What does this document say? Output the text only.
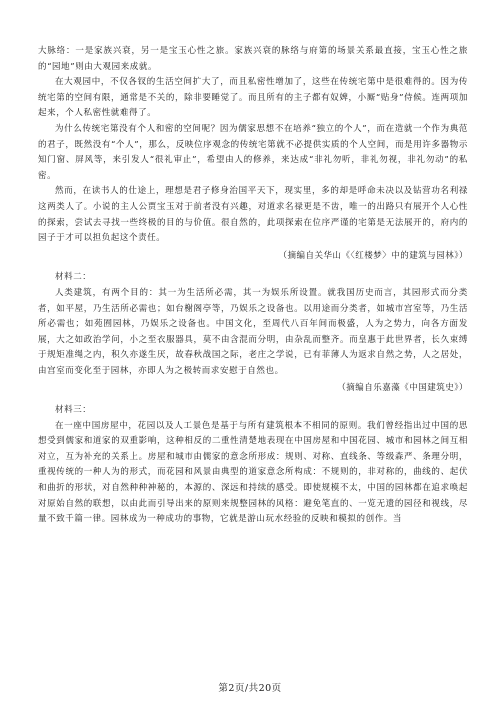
大脉络：一是家族兴衰，另一是宝玉心性之旅。家族兴衰的脉络与府第的场景关系最直接，宝玉心性之旅的“园地”则由大观园来成就。

在大观园中，不仅各钗的生活空间扩大了，而且私密性增加了，这些在传统宅第中是很难得的。因为传统宅第的空间有限，通常是不关的，除非要睡觉了。而且所有的主子都有奴婢，小厮“贴身”侍候。连两项加起来，个人私密性就难得了。

为什么传统宅第没有个人和密的空间呢？因为儒家思想不在培养“独立的个人”，而在造就一个作为典范的君子，既然没有“个人”，那么，反映位序观念的传统宅第就不必提供实质的个人空间，而是用许多器物示知门窗、屏风等，来引发人“很礼审止”，希望由人的修养，来达成“非礼勿听，非礼勿视，非礼勿动”的私密。

然而，在读书人的仕途上，理想是君子修身治国平天下，现实里，多的却是呼命未决以及钻营功名利禄这两类人了。小说的主人公贾宝玉对于前者没有兴趣，对道求名禄更是不齿，唯一的出路只有展开个人心性的探索，尝试去寻找一些终极的目的与价值。很自然的，此项探索在位序严谨的宅第是无法展开的，府内的园子于才可以担负起这个责任。

（摘编自关华山《〈红楼梦〉中的建筑与园林》）

材料二：

人类建筑，有两个目的：其一为生活所必需，其一为娱乐所设置。就我国历史而言，其园形式而分类者，如平屋，乃生活所必需也；如台榭阁亭等，乃娱乐之设备也。以用途而分类者，如城市宫室等，乃生活所必需也；如苑囿园林，乃娱乐之设备也。中国文化，至周代八百年间而极盛，人为之势力，向各方面发展，大之如政治学问，小之至衣服器具，莫不由含混而分明，由杂乱而整齐。而皇惠于此世界者，长久束缚于规矩准绳之内，积久亦遂生厌，故春秋战国之际，老庄之学说，已有菲薄人为返求自然之势，人之居处，由宫室而变化至于园林，亦即人为之极转而求安慰于自然也。

（摘编自乐嘉藻《中国建筑史》）

材料三：

在一座中国房屋中，花园以及人工景色是基于与所有建筑根本不相同的原则。我们曾经指出过中国的思想受到儒家和道家的双重影响，这种相反的二重性清楚地表现在中国房屋和中国花园、城市和园林之间互相对立，互为补充的关系上。房屋和城市由儒家的意念所形成：规则、对称、直线条、等级森严、条理分明，重视传统的一种人为的形式，而花园和风景由典型的道家意念所构成：不规则的，非对称的，曲线的、起伏和曲折的形状，对自然种种神秘的，本源的、深远和持续的感受。即使规模不太，中国的园林都在追求唤起对原始自然的联想，以由此而引导出来的原则来规整园林的风格：避免笔直的、一览无遗的园径和视线，尽量不致千篇一律。园林成为一种成功的事物，它就是游山玩水经验的反映和模拟的创作。当

第2页/共20页
